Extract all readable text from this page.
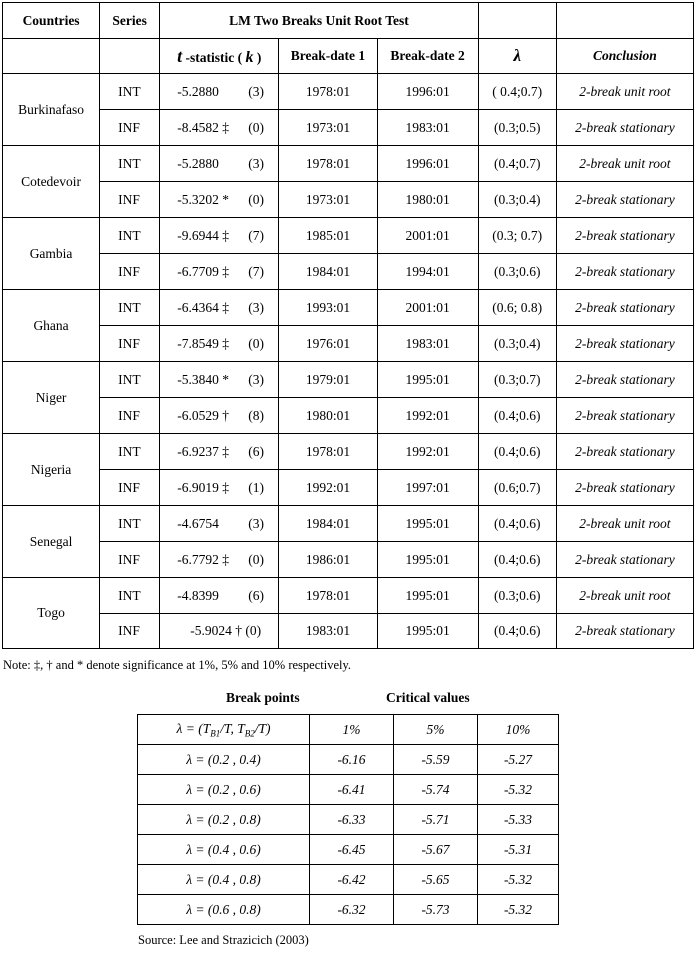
Countries	Series	LM Two Breaks Unit Root Test				
		t -statistic ( k )	Break-date 1	Break-date 2	λ	Conclusion
Burkinafaso	INT	-5.2880 (3)	1978:01	1996:01	( 0.4;0.7)	2-break unit root
	INF	-8.4582 ‡ (0)	1973:01	1983:01	(0.3;0.5)	2-break stationary
Cotedevoir	INT	-5.2880 (3)	1978:01	1996:01	(0.4;0.7)	2-break unit root
	INF	-5.3202 * (0)	1973:01	1980:01	(0.3;0.4)	2-break stationary
Gambia	INT	-9.6944 ‡ (7)	1985:01	2001:01	(0.3; 0.7)	2-break stationary
	INF	-6.7709 ‡ (7)	1984:01	1994:01	(0.3;0.6)	2-break stationary
Ghana	INT	-6.4364 ‡ (3)	1993:01	2001:01	(0.6; 0.8)	2-break stationary
	INF	-7.8549 ‡ (0)	1976:01	1983:01	(0.3;0.4)	2-break stationary
Niger	INT	-5.3840 * (3)	1979:01	1995:01	(0.3;0.7)	2-break stationary
	INF	-6.0529 † (8)	1980:01	1992:01	(0.4;0.6)	2-break stationary
Nigeria	INT	-6.9237 ‡ (6)	1978:01	1992:01	(0.4;0.6)	2-break stationary
	INF	-6.9019 ‡ (1)	1992:01	1997:01	(0.6;0.7)	2-break stationary
Senegal	INT	-4.6754 (3)	1984:01	1995:01	(0.4;0.6)	2-break unit root
	INF	-6.7792 ‡ (0)	1986:01	1995:01	(0.4;0.6)	2-break stationary
Togo	INT	-4.8399 (6)	1978:01	1995:01	(0.3;0.6)	2-break unit root
	INF	-5.9024 † (0)	1983:01	1995:01	(0.4;0.6)	2-break stationary
Note: ‡, † and * denote significance at 1%, 5% and 10% respectively.
Break points	Critical values
$\lambda = (T_{B1}/T$, $T_{B2}/T$)	1%	5%	10%
λ = (0.2 , 0.4)	-6.16	-5.59	-5.27
λ = (0.2 , 0.6)	-6.41	-5.74	-5.32
λ = (0.2 , 0.8)	-6.33	-5.71	-5.33
λ = (0.4 , 0.6)	-6.45	-5.67	-5.31
λ = (0.4 , 0.8)	-6.42	-5.65	-5.32
λ = (0.6 , 0.8)	-6.32	-5.73	-5.32
Source: Lee and Strazicich (2003)
